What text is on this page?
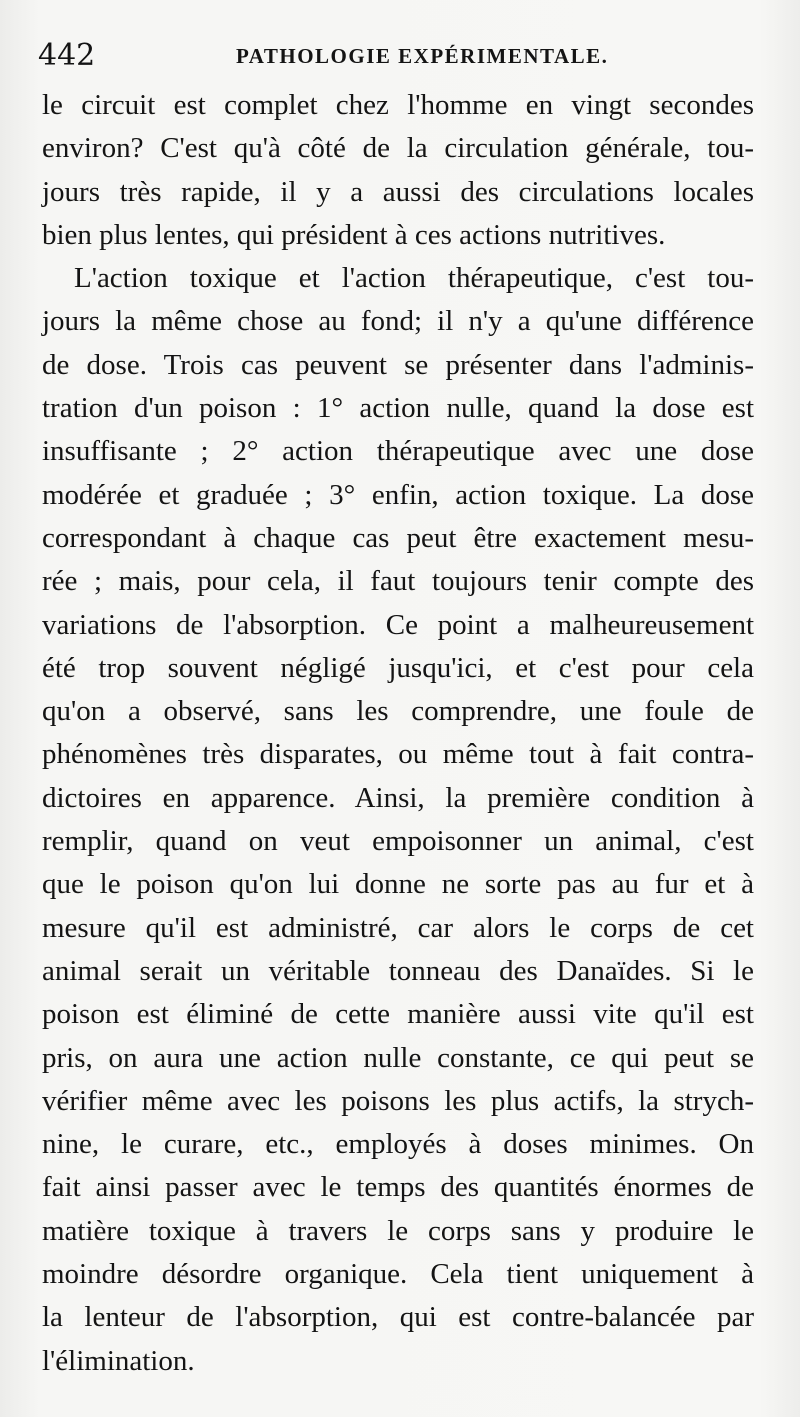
442	PATHOLOGIE EXPÉRIMENTALE.
le circuit est complet chez l'homme en vingt secondes
environ? C'est qu'à côté de la circulation générale, tou-
jours très rapide, il y a aussi des circulations locales
bien plus lentes, qui président à ces actions nutritives.
L'action toxique et l'action thérapeutique, c'est tou-
jours la même chose au fond; il n'y a qu'une différence
de dose. Trois cas peuvent se présenter dans l'adminis-
tration d'un poison : 1° action nulle, quand la dose est
insuffisante ; 2° action thérapeutique avec une dose
modérée et graduée ; 3° enfin, action toxique. La dose
correspondant à chaque cas peut être exactement mesu-
rée ; mais, pour cela, il faut toujours tenir compte des
variations de l'absorption. Ce point a malheureusement
été trop souvent négligé jusqu'ici, et c'est pour cela
qu'on a observé, sans les comprendre, une foule de
phénomènes très disparates, ou même tout à fait contra-
dictoires en apparence. Ainsi, la première condition à
remplir, quand on veut empoisonner un animal, c'est
que le poison qu'on lui donne ne sorte pas au fur et à
mesure qu'il est administré, car alors le corps de cet
animal serait un véritable tonneau des Danaïdes. Si le
poison est éliminé de cette manière aussi vite qu'il est
pris, on aura une action nulle constante, ce qui peut se
vérifier même avec les poisons les plus actifs, la strych-
nine, le curare, etc., employés à doses minimes. On
fait ainsi passer avec le temps des quantités énormes de
matière toxique à travers le corps sans y produire le
moindre désordre organique. Cela tient uniquement à
la lenteur de l'absorption, qui est contre-balancée par
l'élimination.
